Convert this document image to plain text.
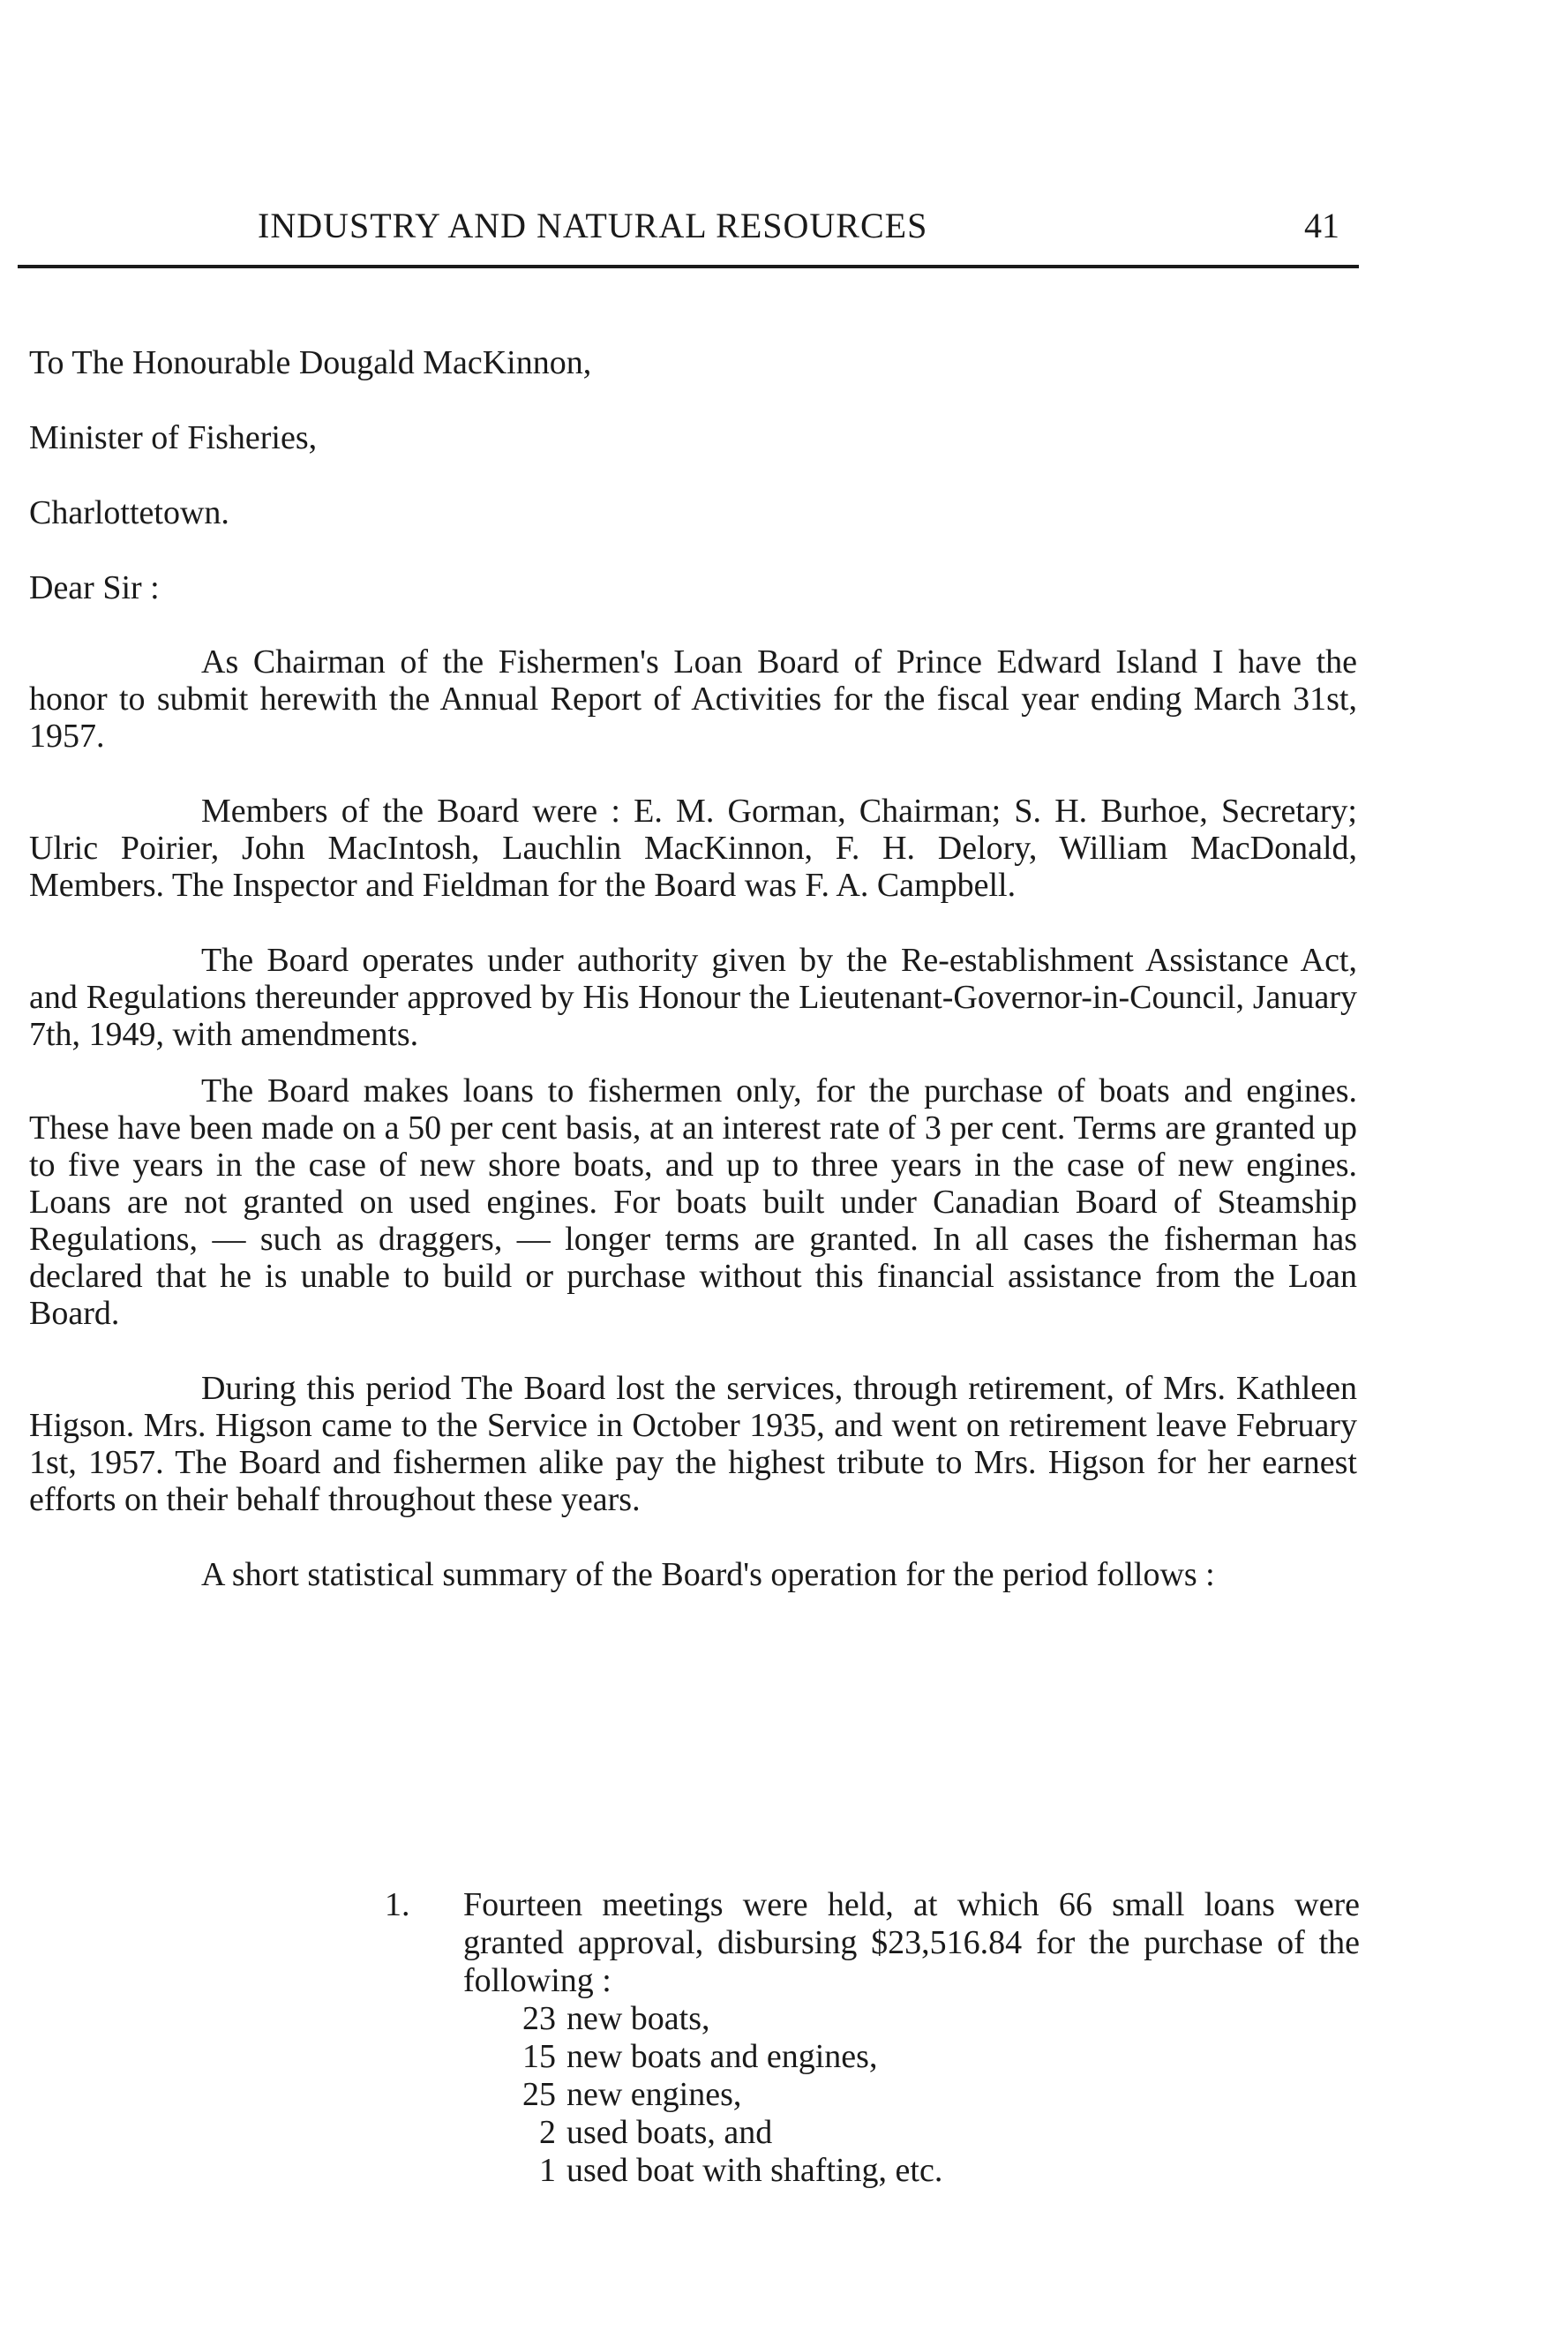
INDUSTRY AND NATURAL RESOURCES	41
To The Honourable Dougald MacKinnon,
Minister of Fisheries,
Charlottetown.
Dear Sir :

As Chairman of the Fishermen's Loan Board of Prince Edward Island I have the honor to submit herewith the Annual Report of Activities for the fiscal year ending March 31st, 1957.

Members of the Board were : E. M. Gorman, Chairman; S. H. Burhoe, Secretary; Ulric Poirier, John MacIntosh, Lauchlin MacKinnon, F. H. Delory, William MacDonald, Members. The Inspector and Fieldman for the Board was F. A. Campbell.

The Board operates under authority given by the Re-establishment Assistance Act, and Regulations thereunder approved by His Honour the Lieutenant-Governor-in-Council, January 7th, 1949, with amendments.

The Board makes loans to fishermen only, for the purchase of boats and engines. These have been made on a 50 per cent basis, at an interest rate of 3 per cent. Terms are granted up to five years in the case of new shore boats, and up to three years in the case of new engines. Loans are not granted on used engines. For boats built under Canadian Board of Steamship Regulations, — such as draggers, — longer terms are granted. In all cases the fisherman has declared that he is unable to build or purchase without this financial assistance from the Loan Board.

During this period The Board lost the services, through retirement, of Mrs. Kathleen Higson. Mrs. Higson came to the Service in October 1935, and went on retirement leave February 1st, 1957. The Board and fishermen alike pay the highest tribute to Mrs. Higson for her earnest efforts on their behalf throughout these years.

A short statistical summary of the Board's operation for the period follows :

1. Fourteen meetings were held, at which 66 small loans were granted approval, disbursing $23,516.84 for the purchase of the following :
23 new boats,
15 new boats and engines,
25 new engines,
2 used boats, and
1 used boat with shafting, etc.
